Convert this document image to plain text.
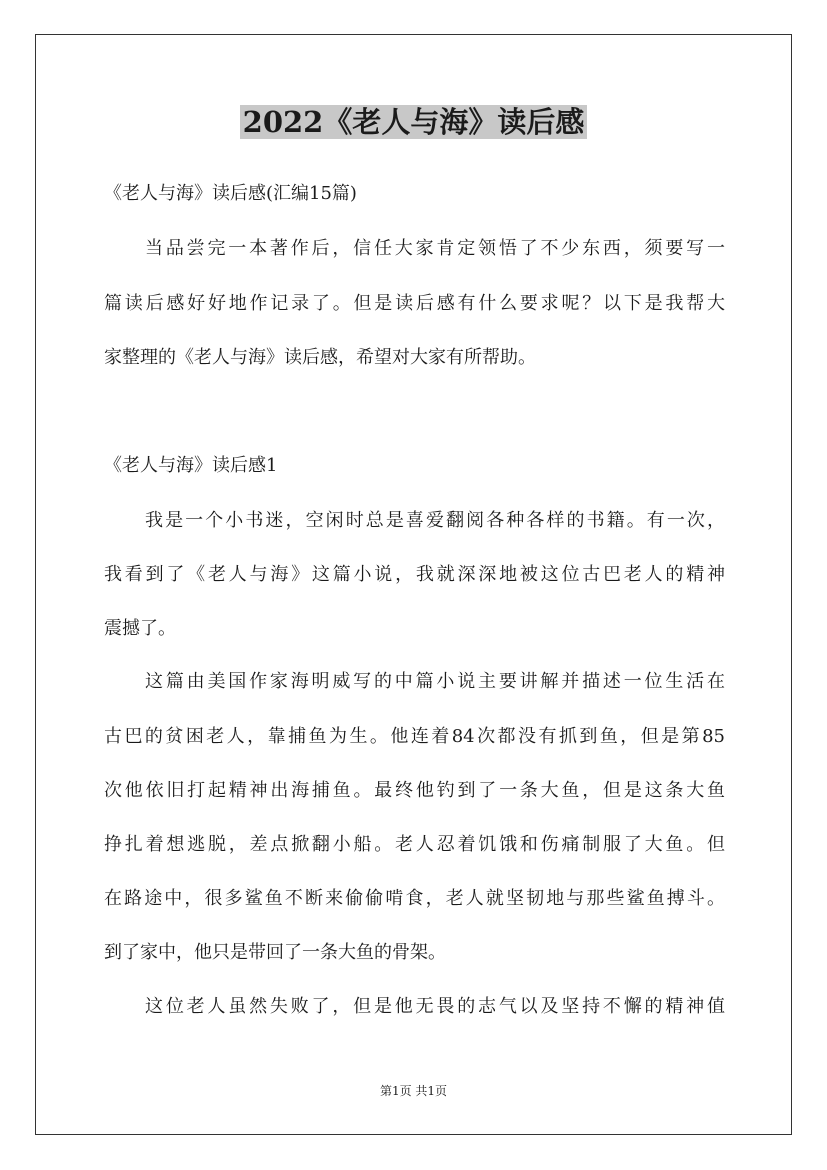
2022《老人与海》读后感
《老人与海》读后感(汇编15篇)
当品尝完一本著作后，信任大家肯定领悟了不少东西，须要写一
篇读后感好好地作记录了。但是读后感有什么要求呢？以下是我帮大
家整理的《老人与海》读后感，希望对大家有所帮助。
《老人与海》读后感1
我是一个小书迷，空闲时总是喜爱翻阅各种各样的书籍。有一次，
我看到了《老人与海》这篇小说，我就深深地被这位古巴老人的精神
震撼了。
这篇由美国作家海明威写的中篇小说主要讲解并描述一位生活在
古巴的贫困老人，靠捕鱼为生。他连着84次都没有抓到鱼，但是第85
次他依旧打起精神出海捕鱼。最终他钓到了一条大鱼，但是这条大鱼
挣扎着想逃脱，差点掀翻小船。老人忍着饥饿和伤痛制服了大鱼。但
在路途中，很多鲨鱼不断来偷偷啃食，老人就坚韧地与那些鲨鱼搏斗。
到了家中，他只是带回了一条大鱼的骨架。
这位老人虽然失败了，但是他无畏的志气以及坚持不懈的精神值
第1页 共1页
